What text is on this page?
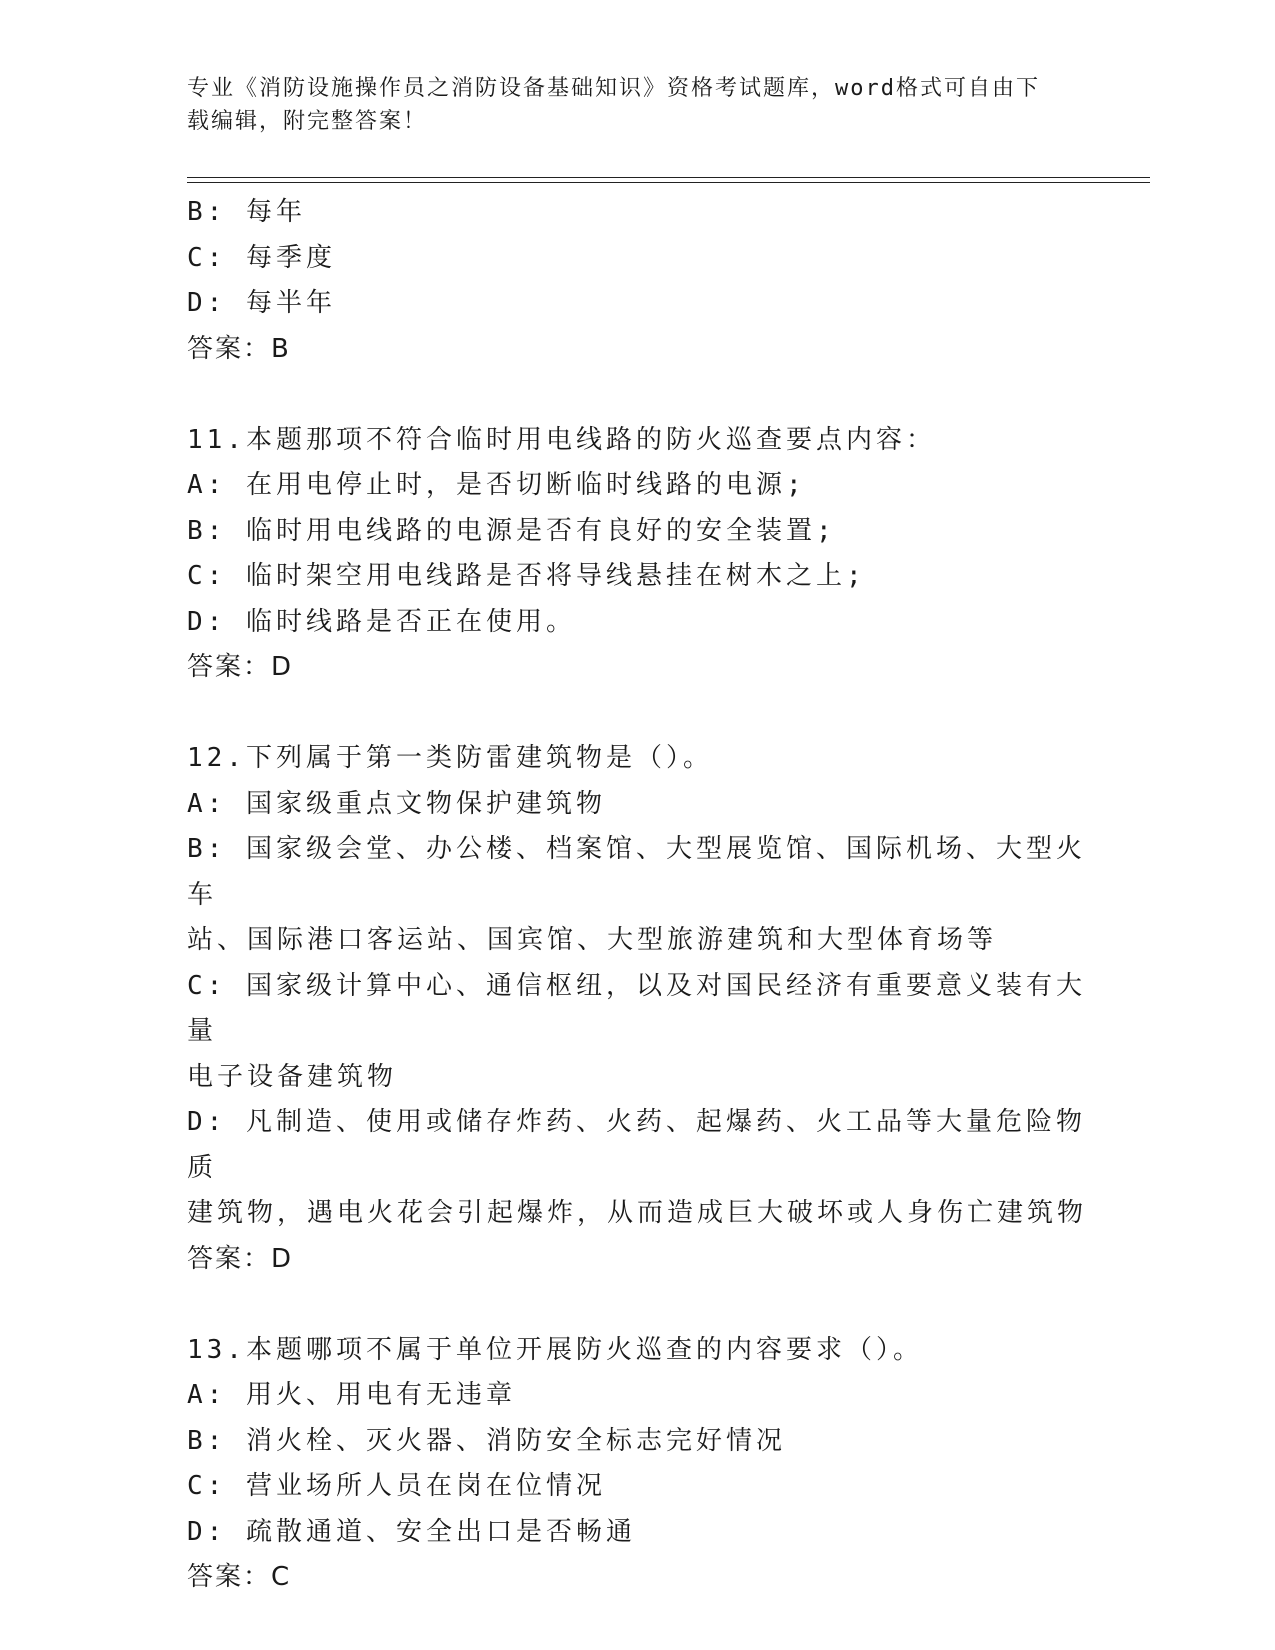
专业《消防设施操作员之消防设备基础知识》资格考试题库，word格式可自由下
载编辑，附完整答案！
B: 每年
C: 每季度
D: 每半年
答案：B
11.本题那项不符合临时用电线路的防火巡查要点内容：
A: 在用电停止时，是否切断临时线路的电源;
B: 临时用电线路的电源是否有良好的安全装置;
C: 临时架空用电线路是否将导线悬挂在树木之上;
D: 临时线路是否正在使用。
答案：D
12.下列属于第一类防雷建筑物是（）。
A: 国家级重点文物保护建筑物
B: 国家级会堂、办公楼、档案馆、大型展览馆、国际机场、大型火车
站、国际港口客运站、国宾馆、大型旅游建筑和大型体育场等
C: 国家级计算中心、通信枢纽，以及对国民经济有重要意义装有大量
电子设备建筑物
D: 凡制造、使用或储存炸药、火药、起爆药、火工品等大量危险物质
建筑物，遇电火花会引起爆炸，从而造成巨大破坏或人身伤亡建筑物
答案：D
13.本题哪项不属于单位开展防火巡查的内容要求（）。
A: 用火、用电有无违章
B: 消火栓、灭火器、消防安全标志完好情况
C: 营业场所人员在岗在位情况
D: 疏散通道、安全出口是否畅通
答案：C
